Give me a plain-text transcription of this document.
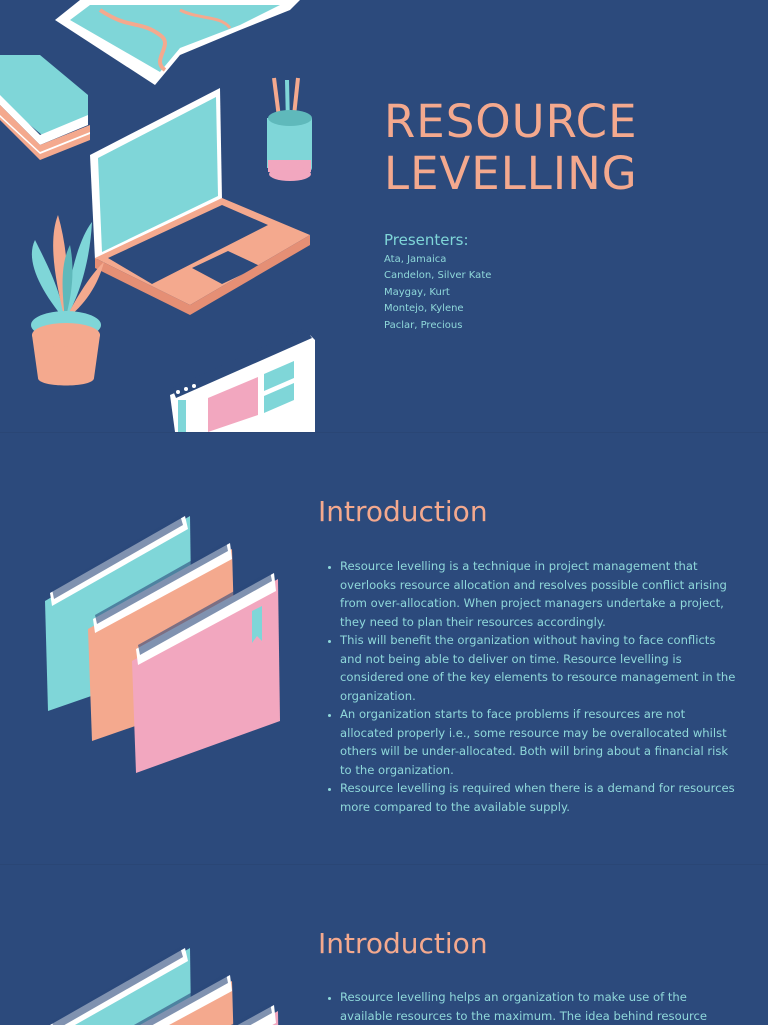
RESOURCE
LEVELLING

Presenters:

Ata, Jamaica
Candelon, Silver Kate
Maygay, Kurt
Montejo, Kylene
Paclar, Precious
Introduction
• Resource levelling is a technique in project management that overlooks resource allocation and resolves possible conflict arising from over-allocation. When project managers undertake a project, they need to plan their resources accordingly.
• This will benefit the organization without having to face conflicts and not being able to deliver on time. Resource levelling is considered one of the key elements to resource management in the organization.
• An organization starts to face problems if resources are not allocated properly i.e., some resource may be overallocated whilst others will be under-allocated. Both will bring about a financial risk to the organization.
• Resource levelling is required when there is a demand for resources more compared to the available supply.
Introduction
• Resource levelling helps an organization to make use of the available resources to the maximum. The idea behind resource
